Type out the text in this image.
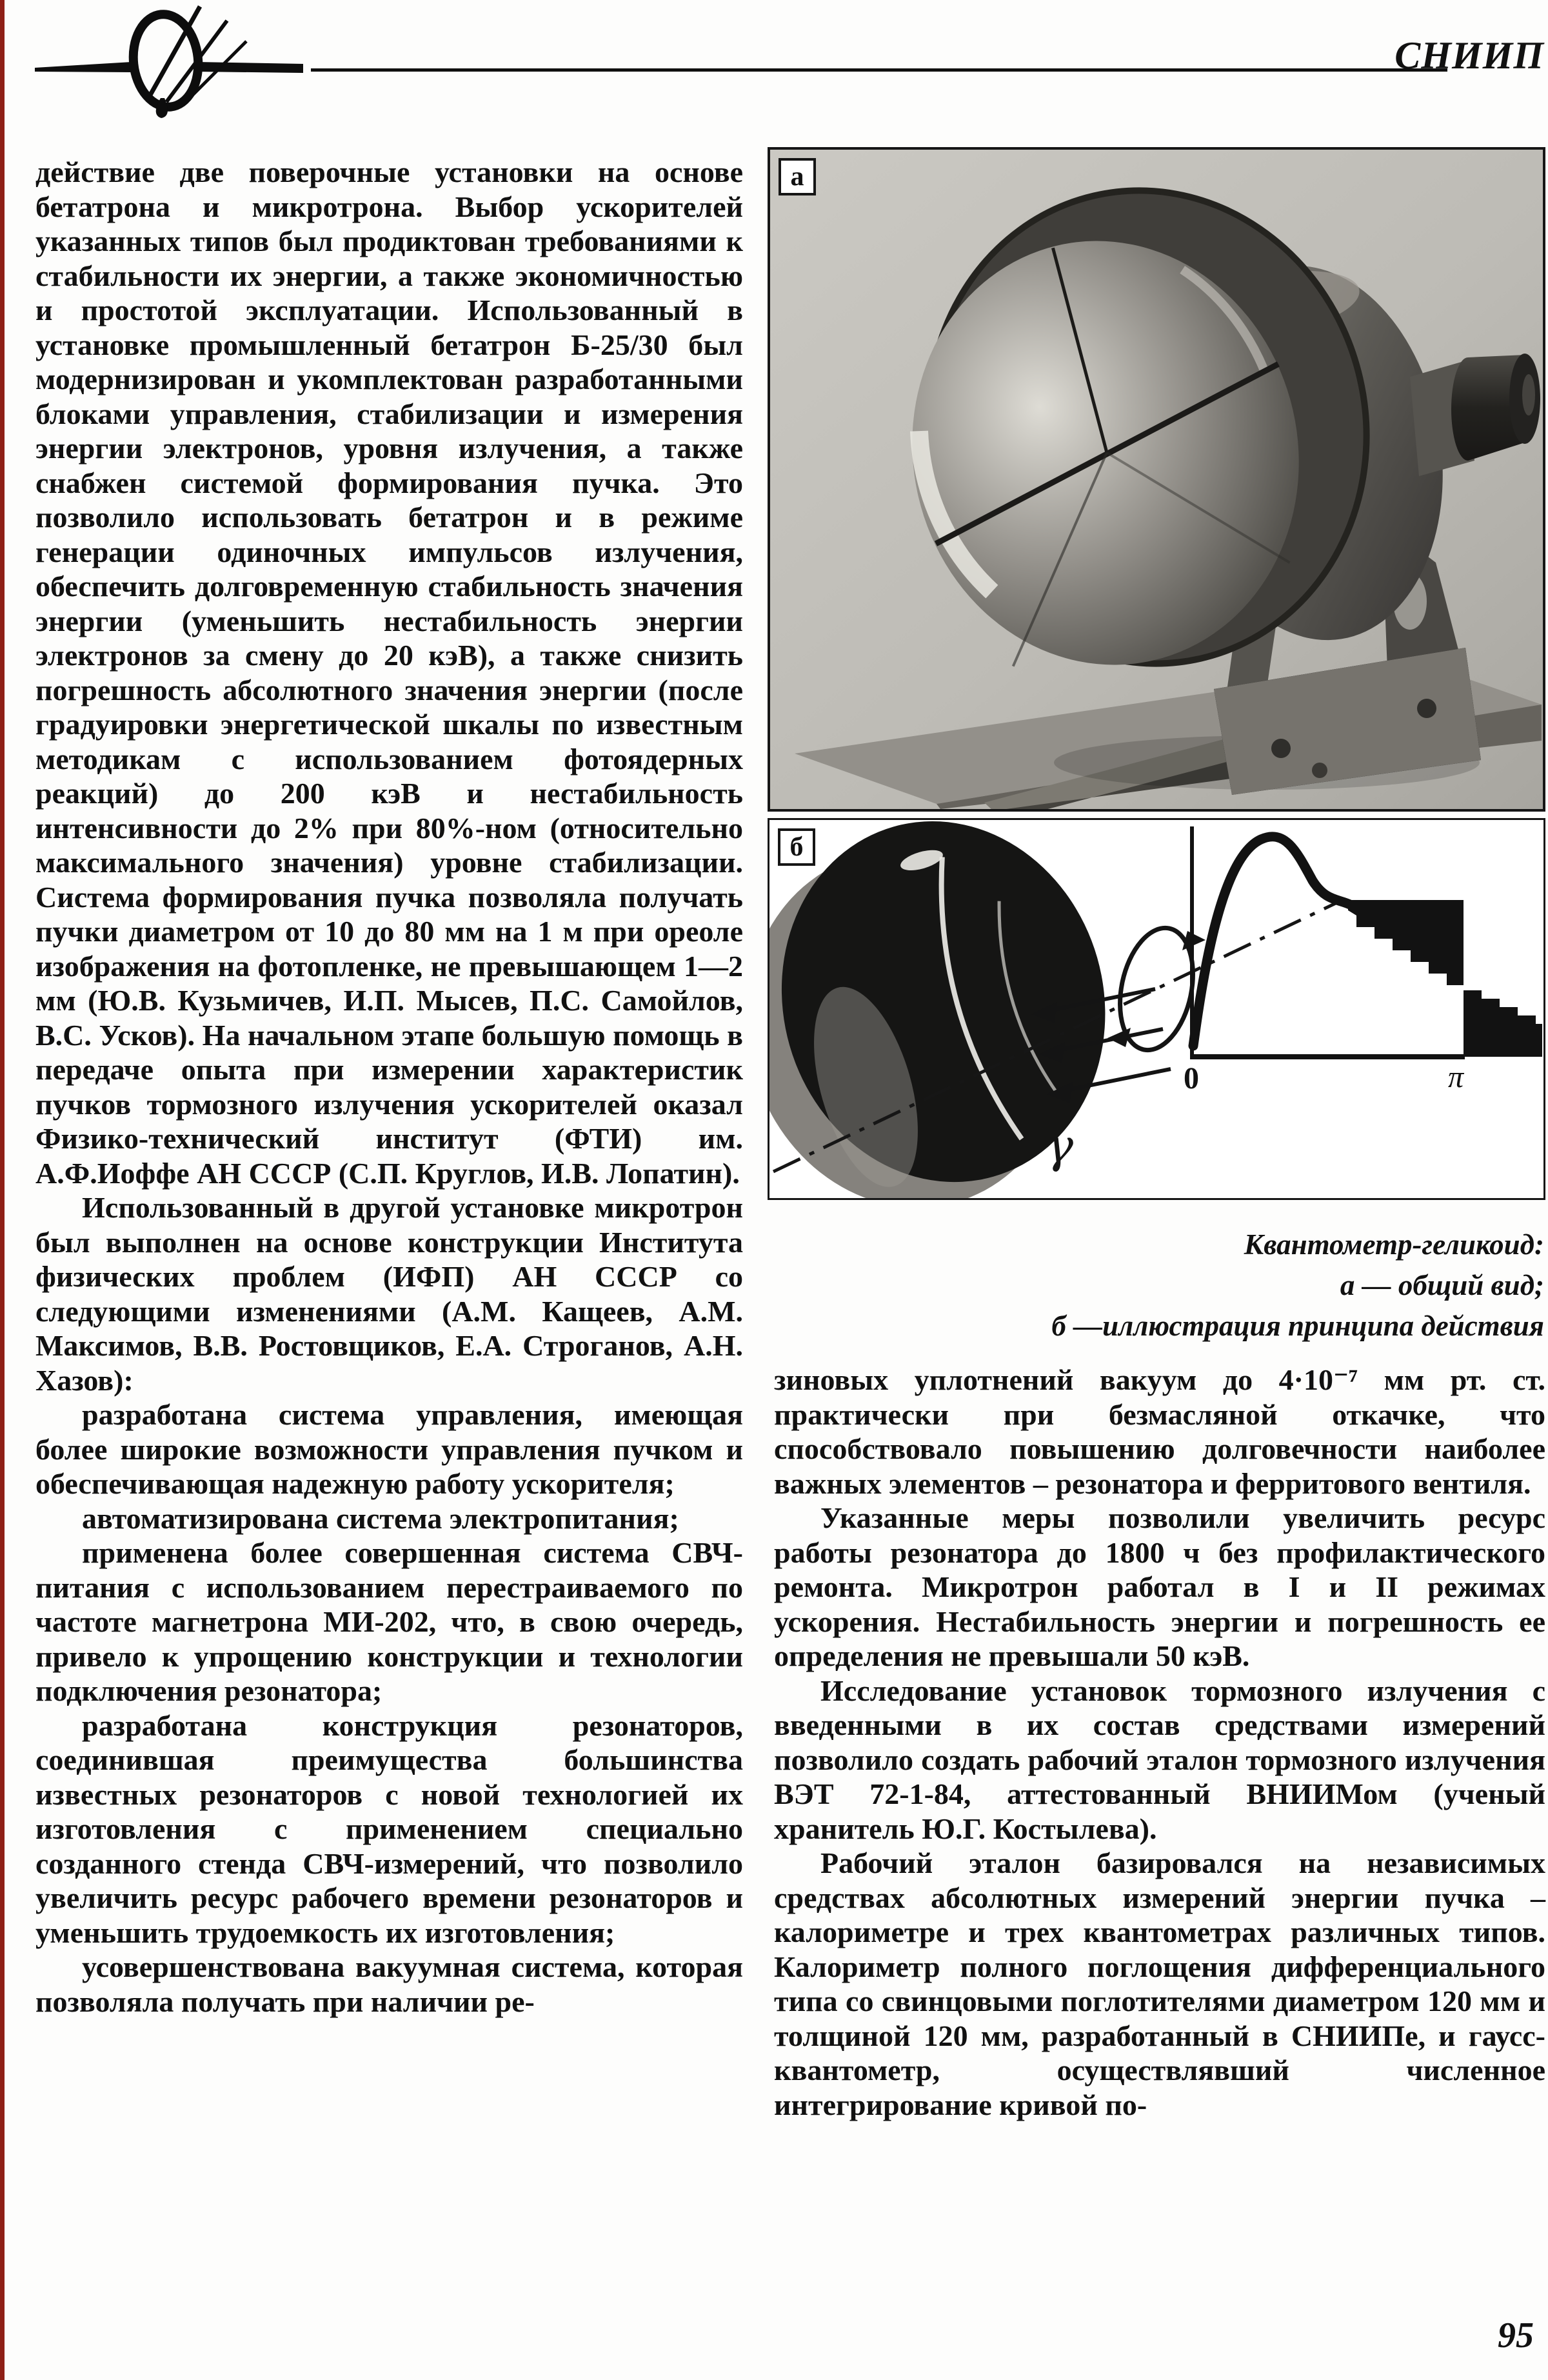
СНИИП
а
γ
0	π
б
Квантометр-геликоид:
а — общий вид;
б —иллюстрация принципа действия

действие две поверочные установки на основе бетатрона и микротрона. Выбор ускорителей указанных типов был продиктован требованиями к стабильности их энергии, а также экономичностью и простотой эксплуатации. Использованный в установке промышленный бетатрон Б-25/30 был модернизирован и укомплектован разработанными блоками управления, стабилизации и измерения энергии электронов, уровня излучения, а также снабжен системой формирования пучка. Это позволило использовать бетатрон и в режиме генерации одиночных импульсов излучения, обеспечить долговременную стабильность значения энергии (уменьшить нестабильность энергии электронов за смену до 20 кэВ), а также снизить погрешность абсолютного значения энергии (после градуировки энергетической шкалы по известным методикам с использованием фотоядерных реакций) до 200 кэВ и нестабильность интенсивности до 2% при 80%-ном (относительно максимального значения) уровне стабилизации. Система формирования пучка позволяла получать пучки диаметром от 10 до 80 мм на 1 м при ореоле изображения на фотопленке, не превышающем 1—2 мм (Ю.В. Кузьмичев, И.П. Мысев, П.С. Самойлов, В.С. Усков). На начальном этапе большую помощь в передаче опыта при измерении характеристик пучков тормозного излучения ускорителей оказал Физико-технический институт (ФТИ) им. А.Ф.Иоффе АН СССР (С.П. Круглов, И.В. Лопатин).

Использованный в другой установке микротрон был выполнен на основе конструкции Института физических проблем (ИФП) АН СССР со следующими изменениями (А.М. Кащеев, А.М. Максимов, В.В. Ростовщиков, Е.А. Строганов, А.Н. Хазов):

разработана система управления, имеющая более широкие возможности управления пучком и обеспечивающая надежную работу ускорителя;

автоматизирована система электропитания;

применена более совершенная система СВЧ-питания с использованием перестраиваемого по частоте магнетрона МИ-202, что, в свою очередь, привело к упрощению конструкции и технологии подключения резонатора;

разработана конструкция резонаторов, соединившая преимущества большинства известных резонаторов с новой технологией их изготовления с применением специально созданного стенда СВЧ-измерений, что позволило увеличить ресурс рабочего времени резонаторов и уменьшить трудоемкость их изготовления;

усовершенствована вакуумная система, которая позволяла получать при наличии ре-

зиновых уплотнений вакуум до 4·10⁻⁷ мм рт. ст. практически при безмасляной откачке, что способствовало повышению долговечности наиболее важных элементов – резонатора и ферритового вентиля.

Указанные меры позволили увеличить ресурс работы резонатора до 1800 ч без профилактического ремонта. Микротрон работал в I и II режимах ускорения. Нестабильность энергии и погрешность ее определения не превышали 50 кэВ.

Исследование установок тормозного излучения с введенными в их состав средствами измерений позволило создать рабочий эталон тормозного излучения ВЭТ 72-1-84, аттестованный ВНИИМом (ученый хранитель Ю.Г. Костылева).

Рабочий эталон базировался на независимых средствах абсолютных измерений энергии пучка – калориметре и трех квантометрах различных типов. Калориметр полного поглощения дифференциального типа со свинцовыми поглотителями диаметром 120 мм и толщиной 120 мм, разработанный в СНИИПе, и гаусс-квантометр, осуществлявший численное интегрирование кривой по-

95
